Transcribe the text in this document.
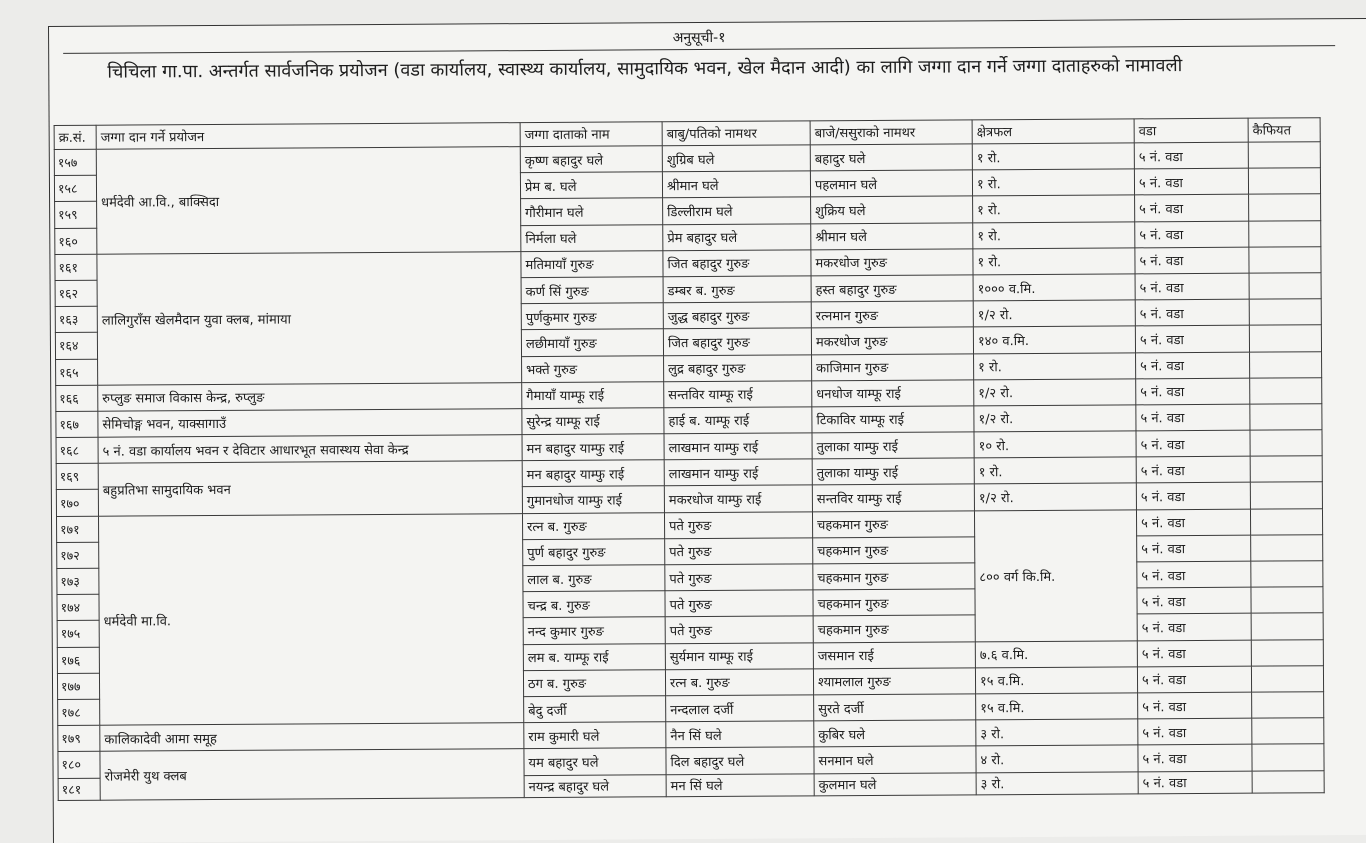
अनुसूची-१
चिचिला गा.पा. अन्तर्गत सार्वजनिक प्रयोजन (वडा कार्यालय, स्वास्थ्य कार्यालय, सामुदायिक भवन, खेल मैदान आदी) का लागि जग्गा दान गर्ने जग्गा दाताहरुको नामावली
क्र.सं.	जग्गा दान गर्ने प्रयोजन	जग्गा दाताको नाम	बाबु/पतिको नामथर	बाजे/ससुराको नामथर	क्षेत्रफल	वडा	कैफियत
१५७	धर्मदेवी आ.वि., बाक्सिदा	कृष्ण बहादुर घले	शुग्रिब घले	बहादुर घले	१ रो.	५ नं. वडा	
१५८		प्रेम ब. घले	श्रीमान घले	पहलमान घले	१ रो.	५ नं. वडा	
१५९		गौरीमान घले	डिल्लीराम घले	शुक्रिय घले	१ रो.	५ नं. वडा	
१६०		निर्मला घले	प्रेम बहादुर घले	श्रीमान घले	१ रो.	५ नं. वडा	
१६१	लालिगुराँस खेलमैदान युवा क्लब, मांमाया	मतिमायाँ गुरुङ	जित बहादुर गुरुङ	मकरधोज गुरुङ	१ रो.	५ नं. वडा	
१६२		कर्ण सिं गुरुङ	डम्बर ब. गुरुङ	हस्त बहादुर गुरुङ	१००० व.मि.	५ नं. वडा	
१६३		पुर्णकुमार गुरुङ	जुद्ध बहादुर गुरुङ	रत्नमान गुरुङ	१/२ रो.	५ नं. वडा	
१६४		लछीमायाँ गुरुङ	जित बहादुर गुरुङ	मकरधोज गुरुङ	१४० व.मि.	५ नं. वडा	
१६५		भक्ते गुरुङ	लुद्र बहादुर गुरुङ	काजिमान गुरुङ	१ रो.	५ नं. वडा	
१६६	रुप्लुङ समाज विकास केन्द्र, रुप्लुङ	गैमायाँ याम्फू राई	सन्तविर याम्फू राई	धनधोज याम्फू राई	१/२ रो.	५ नं. वडा	
१६७	सेमिचोङ्ग भवन, याक्सागाउँ	सुरेन्द्र याम्फू राई	हाई ब. याम्फू राई	टिकाविर याम्फू राई	१/२ रो.	५ नं. वडा	
१६८	५ नं. वडा कार्यालय भवन र देविटार आधारभूत सवास्थय सेवा केन्द्र	मन बहादुर याम्फु राई	लाखमान याम्फु राई	तुलाका याम्फु राई	१० रो.	५ नं. वडा	
१६९	बहुप्रतिभा सामुदायिक भवन	मन बहादुर याम्फु राई	लाखमान याम्फु राई	तुलाका याम्फु राई	१ रो.	५ नं. वडा	
१७०		गुमानधोज याम्फु राई	मकरधोज याम्फु राई	सन्तविर याम्फु राई	१/२ रो.	५ नं. वडा	
१७१	धर्मदेवी मा.वि.	रत्न ब. गुरुङ	पते गुरुङ	चहकमान गुरुङ	८०० वर्ग कि.मि.	५ नं. वडा	
१७२		पुर्ण बहादुर गुरुङ	पते गुरुङ	चहकमान गुरुङ		५ नं. वडा	
१७३		लाल ब. गुरुङ	पते गुरुङ	चहकमान गुरुङ		५ नं. वडा	
१७४		चन्द्र ब. गुरुङ	पते गुरुङ	चहकमान गुरुङ		५ नं. वडा	
१७५		नन्द कुमार गुरुङ	पते गुरुङ	चहकमान गुरुङ		५ नं. वडा	
१७६		लम ब. याम्फू राई	सुर्यमान याम्फू राई	जसमान राई	७.६ व.मि.	५ नं. वडा	
१७७		ठग ब. गुरुङ	रत्न ब. गुरुङ	श्यामलाल गुरुङ	१५ व.मि.	५ नं. वडा	
१७८		बेदु दर्जी	नन्दलाल दर्जी	सुरते दर्जी	१५ व.मि.	५ नं. वडा	
१७९	कालिकादेवी आमा समूह	राम कुमारी घले	नैन सिं घले	कुबिर घले	३ रो.	५ नं. वडा	
१८०	रोजमेरी युथ क्लब	यम बहादुर घले	दिल बहादुर घले	सनमान घले	४ रो.	५ नं. वडा	
१८१		नयन्द्र बहादुर घले	मन सिं घले	कुलमान घले	३ रो.	५ नं. वडा	
